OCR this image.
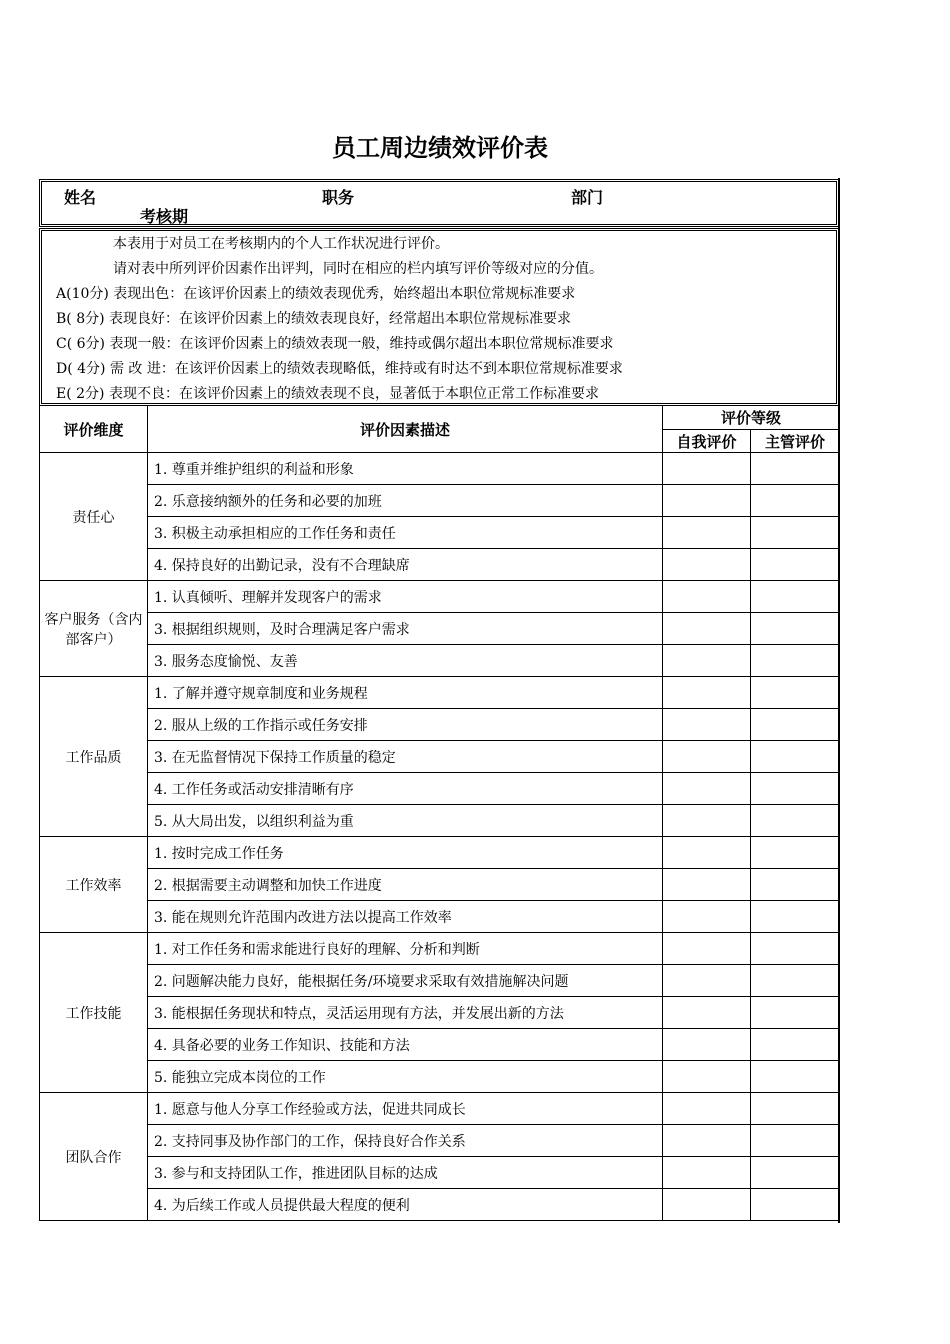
员工周边绩效评价表
姓名	职务	部门
考核期
本表用于对员工在考核期内的个人工作状况进行评价。
请对表中所列评价因素作出评判，同时在相应的栏内填写评价等级对应的分值。
A(10分) 表现出色：在该评价因素上的绩效表现优秀，始终超出本职位常规标准要求
B( 8分) 表现良好：在该评价因素上的绩效表现良好，经常超出本职位常规标准要求
C( 6分) 表现一般：在该评价因素上的绩效表现一般，维持或偶尔超出本职位常规标准要求
D( 4分) 需 改 进：在该评价因素上的绩效表现略低，维持或有时达不到本职位常规标准要求
E( 2分) 表现不良：在该评价因素上的绩效表现不良，显著低于本职位正常工作标准要求
评价维度	评价因素描述	评价等级	
		自我评价	主管评价
责任心	1. 尊重并维护组织的利益和形象		
	2. 乐意接纳额外的任务和必要的加班		
	3. 积极主动承担相应的工作任务和责任		
	4. 保持良好的出勤记录，没有不合理缺席		
客户服务（含内部客户）	1. 认真倾听、理解并发现客户的需求		
	3. 根据组织规则，及时合理满足客户需求		
	3. 服务态度愉悦、友善		
工作品质	1. 了解并遵守规章制度和业务规程		
	2. 服从上级的工作指示或任务安排		
	3. 在无监督情况下保持工作质量的稳定		
	4. 工作任务或活动安排清晰有序		
	5. 从大局出发，以组织利益为重		
工作效率	1. 按时完成工作任务		
	2. 根据需要主动调整和加快工作进度		
	3. 能在规则允许范围内改进方法以提高工作效率		
工作技能	1. 对工作任务和需求能进行良好的理解、分析和判断		
	2. 问题解决能力良好，能根据任务/环境要求采取有效措施解决问题		
	3. 能根据任务现状和特点，灵活运用现有方法，并发展出新的方法		
	4. 具备必要的业务工作知识、技能和方法		
	5. 能独立完成本岗位的工作		
团队合作	1. 愿意与他人分享工作经验或方法，促进共同成长		
	2. 支持同事及协作部门的工作，保持良好合作关系		
	3. 参与和支持团队工作，推进团队目标的达成		
	4. 为后续工作或人员提供最大程度的便利		
